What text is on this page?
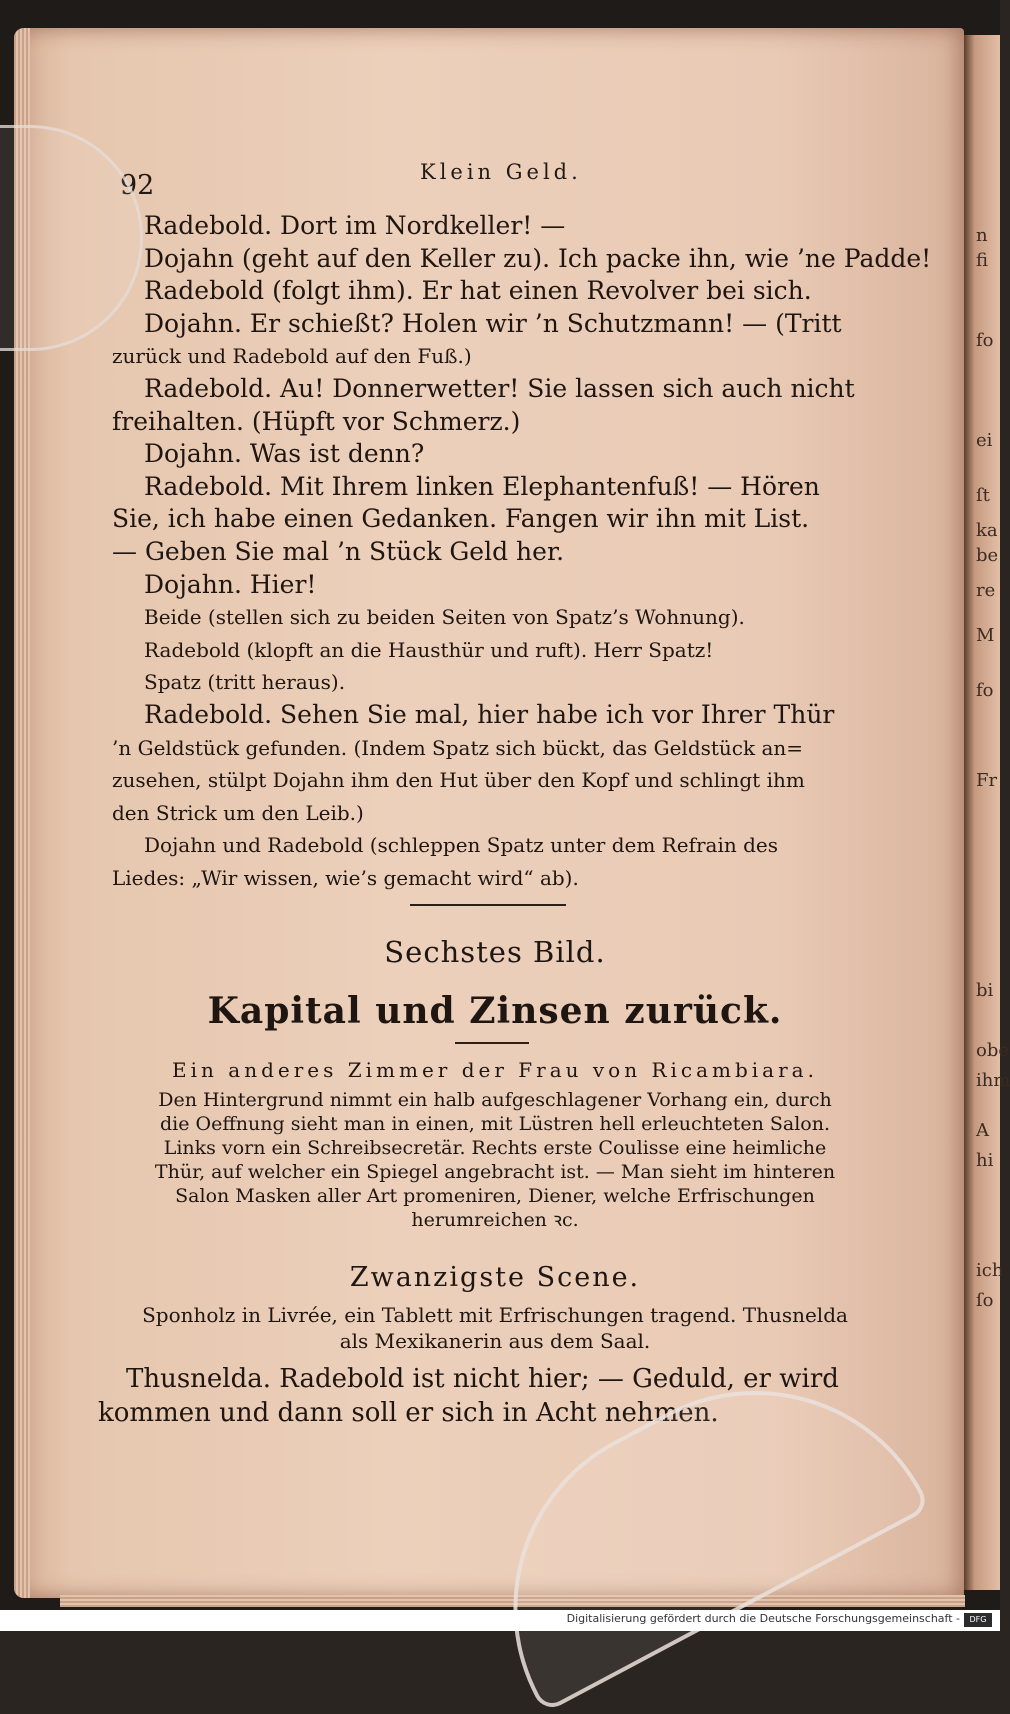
n
fi
fo
ei
ſt
ka
be
re
M
fo
Fr
bi
obe
ihm
A
hi
ich
ſo
92	Klein Geld.
Radebold. Dort im Nordkeller! —
Dojahn (geht auf den Keller zu). Ich packe ihn, wie ’ne Padde!
Radebold (folgt ihm). Er hat einen Revolver bei sich.
Dojahn. Er schießt? Holen wir ’n Schutzmann! — (Tritt
zurück und Radebold auf den Fuß.)
Radebold. Au! Donnerwetter! Sie lassen sich auch nicht
freihalten. (Hüpft vor Schmerz.)
Dojahn. Was ist denn?
Radebold. Mit Ihrem linken Elephantenfuß! — Hören
Sie, ich habe einen Gedanken. Fangen wir ihn mit List.
— Geben Sie mal ’n Stück Geld her.
Dojahn. Hier!
Beide (stellen sich zu beiden Seiten von Spatz’s Wohnung).
Radebold (klopft an die Hausthür und ruft). Herr Spatz!
Spatz (tritt heraus).
Radebold. Sehen Sie mal, hier habe ich vor Ihrer Thür
’n Geldstück gefunden. (Indem Spatz sich bückt, das Geldstück an=
zusehen, stülpt Dojahn ihm den Hut über den Kopf und schlingt ihm
den Strick um den Leib.)
Dojahn und Radebold (schleppen Spatz unter dem Refrain des
Liedes: „Wir wissen, wie’s gemacht wird“ ab).
Sechstes Bild.
Kapital und Zinsen zurück.
Ein anderes Zimmer der Frau von Ricambiara.
Den Hintergrund nimmt ein halb aufgeschlagener Vorhang ein, durch
die Oeffnung sieht man in einen, mit Lüstren hell erleuchteten Salon.
Links vorn ein Schreibsecretär. Rechts erste Coulisse eine heimliche
Thür, auf welcher ein Spiegel angebracht ist. — Man sieht im hinteren
Salon Masken aller Art promeniren, Diener, welche Erfrischungen
herumreichen ꝛc.
Zwanzigste Scene.
Sponholz in Livrée, ein Tablett mit Erfrischungen tragend. Thusnelda
als Mexikanerin aus dem Saal.
Thusnelda. Radebold ist nicht hier; — Geduld, er wird
kommen und dann soll er sich in Acht nehmen.
Digitalisierung gefördert durch die Deutsche Forschungsgemeinschaft -	DFG
